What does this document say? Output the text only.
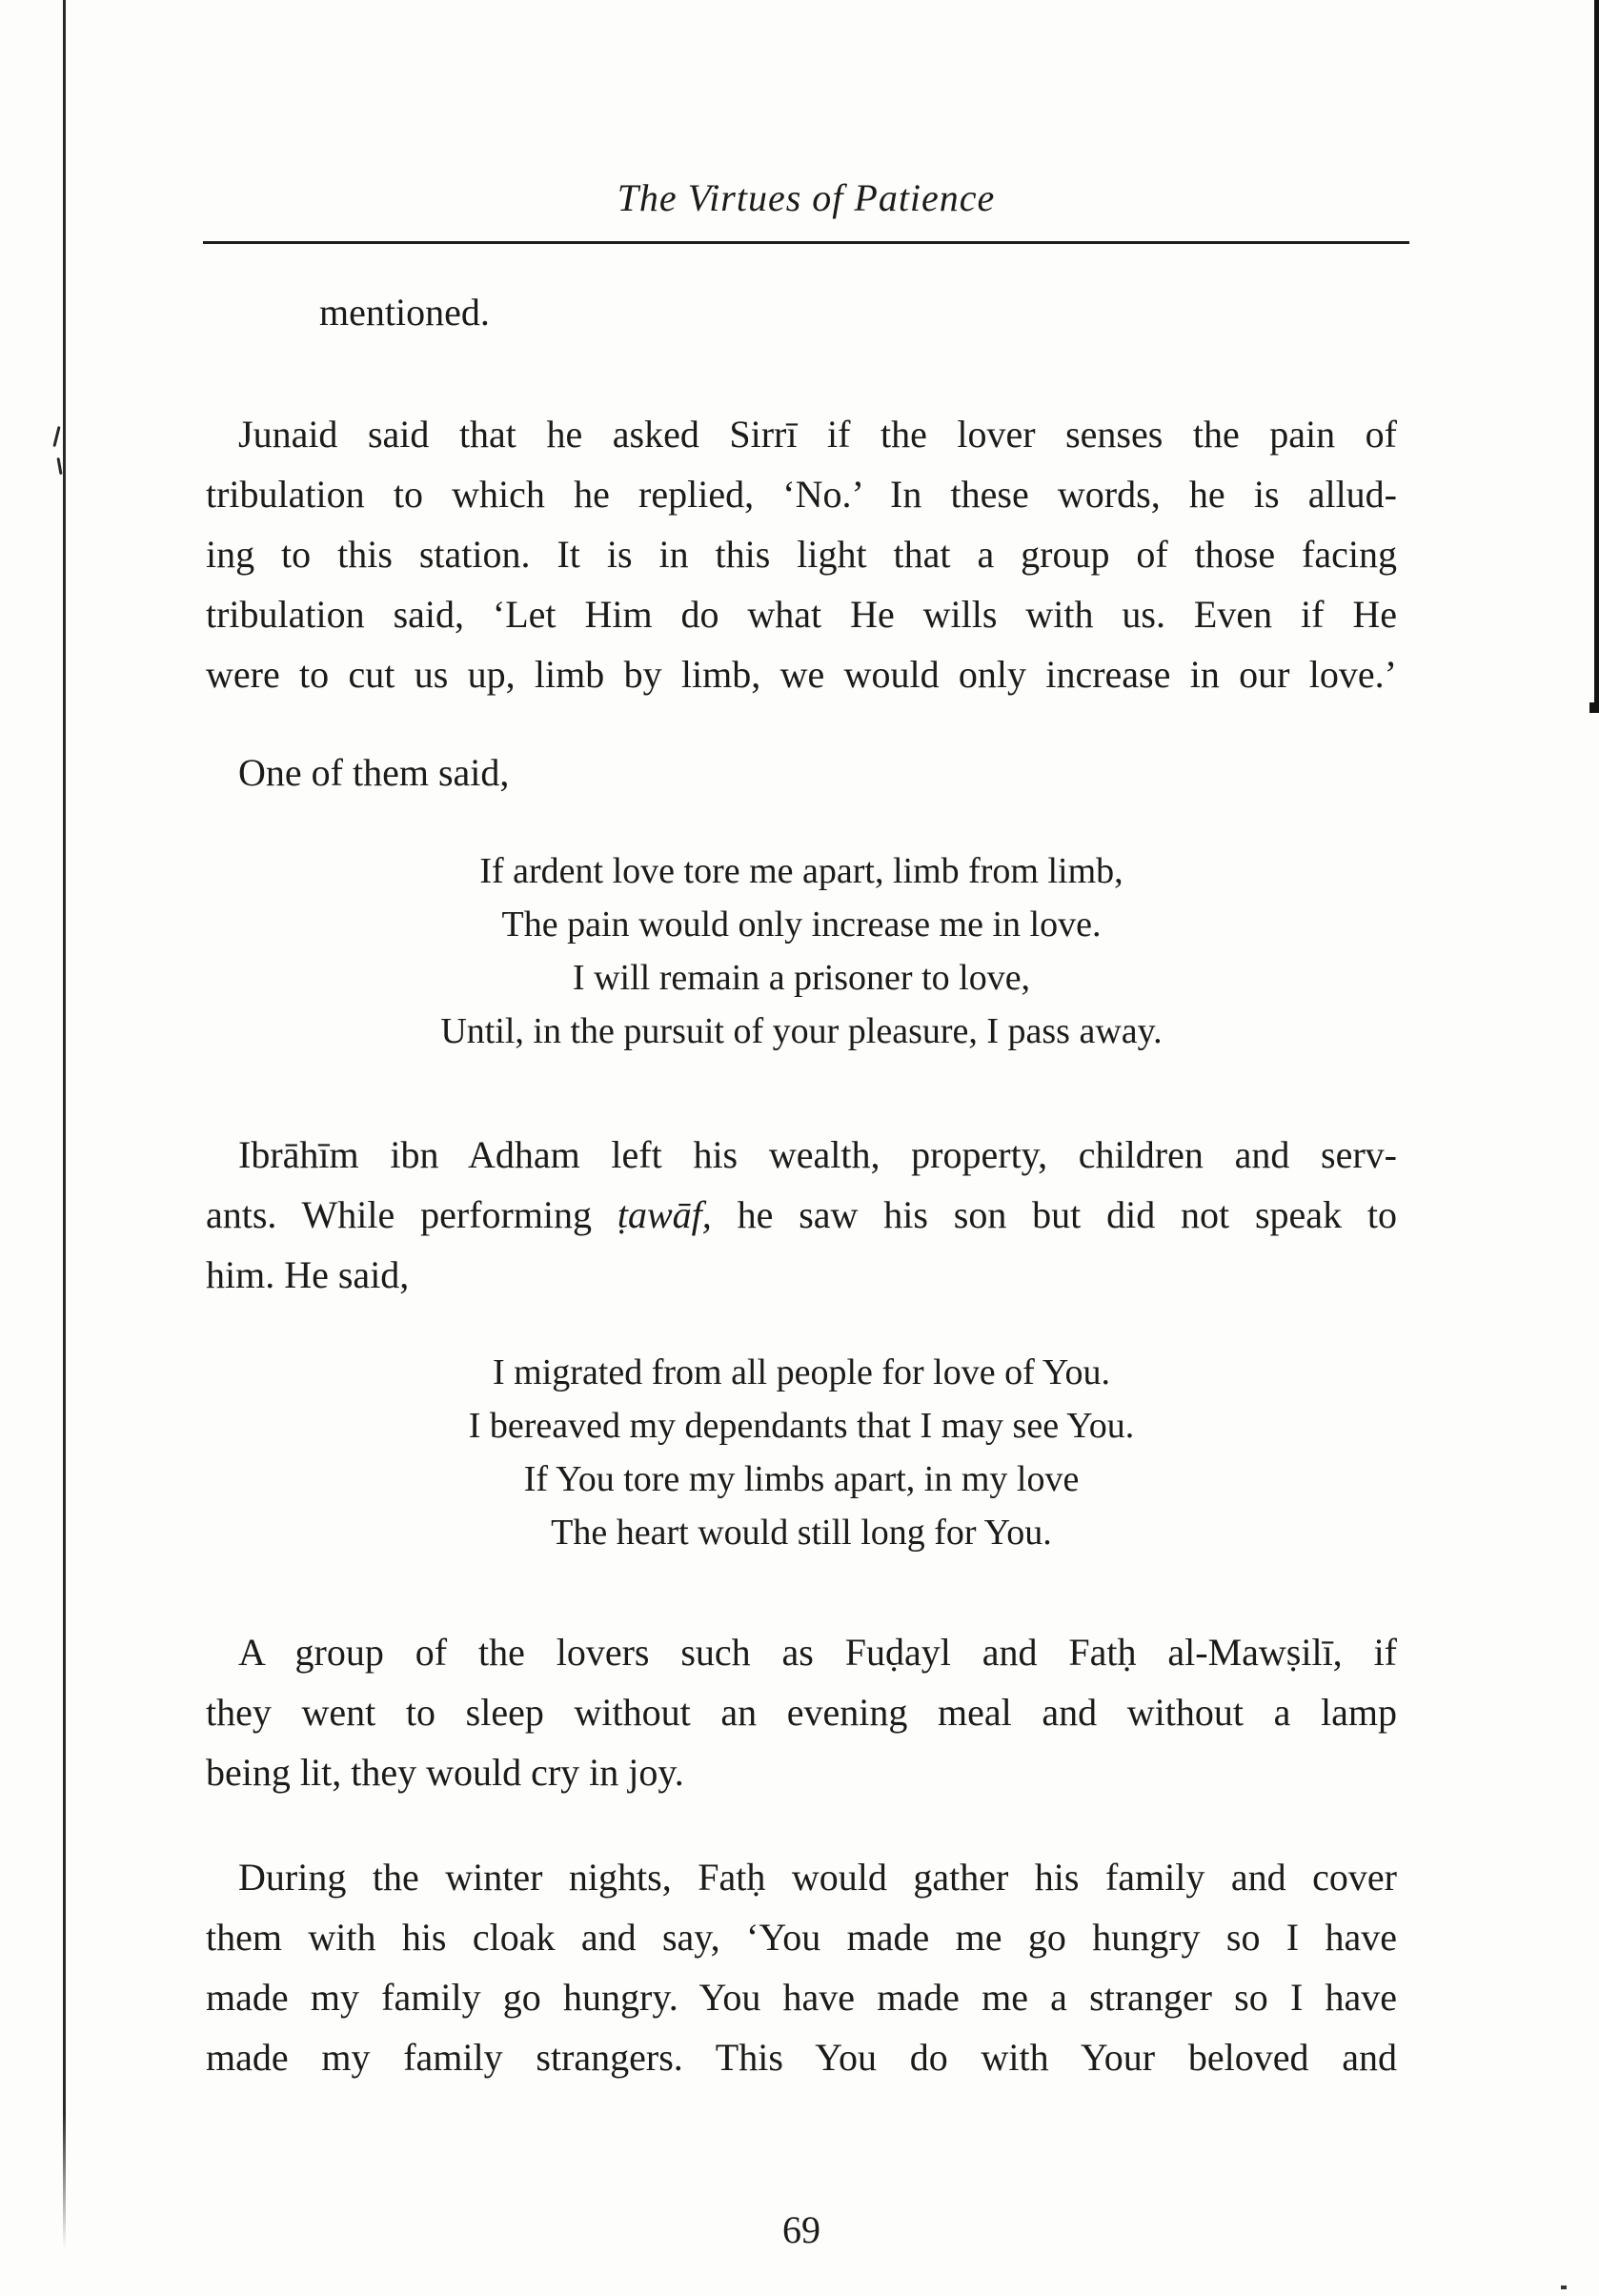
The Virtues of Patience
mentioned.
Junaid said that he asked Sirrī if the lover senses the pain of
tribulation to which he replied, ‘No.’ In these words, he is allud-
ing to this station. It is in this light that a group of those facing
tribulation said, ‘Let Him do what He wills with us. Even if He
were to cut us up, limb by limb, we would only increase in our love.’
One of them said,
If ardent love tore me apart, limb from limb,
The pain would only increase me in love.
I will remain a prisoner to love,
Until, in the pursuit of your pleasure, I pass away.
Ibrāhīm ibn Adham left his wealth, property, children and serv-
ants. While performing ṭawāf, he saw his son but did not speak to
him. He said,
I migrated from all people for love of You.
I bereaved my dependants that I may see You.
If You tore my limbs apart, in my love
The heart would still long for You.
A group of the lovers such as Fuḍayl and Fatḥ al-Mawṣilī, if
they went to sleep without an evening meal and without a lamp
being lit, they would cry in joy.
During the winter nights, Fatḥ would gather his family and cover
them with his cloak and say, ‘You made me go hungry so I have
made my family go hungry. You have made me a stranger so I have
made my family strangers. This You do with Your beloved and
69
